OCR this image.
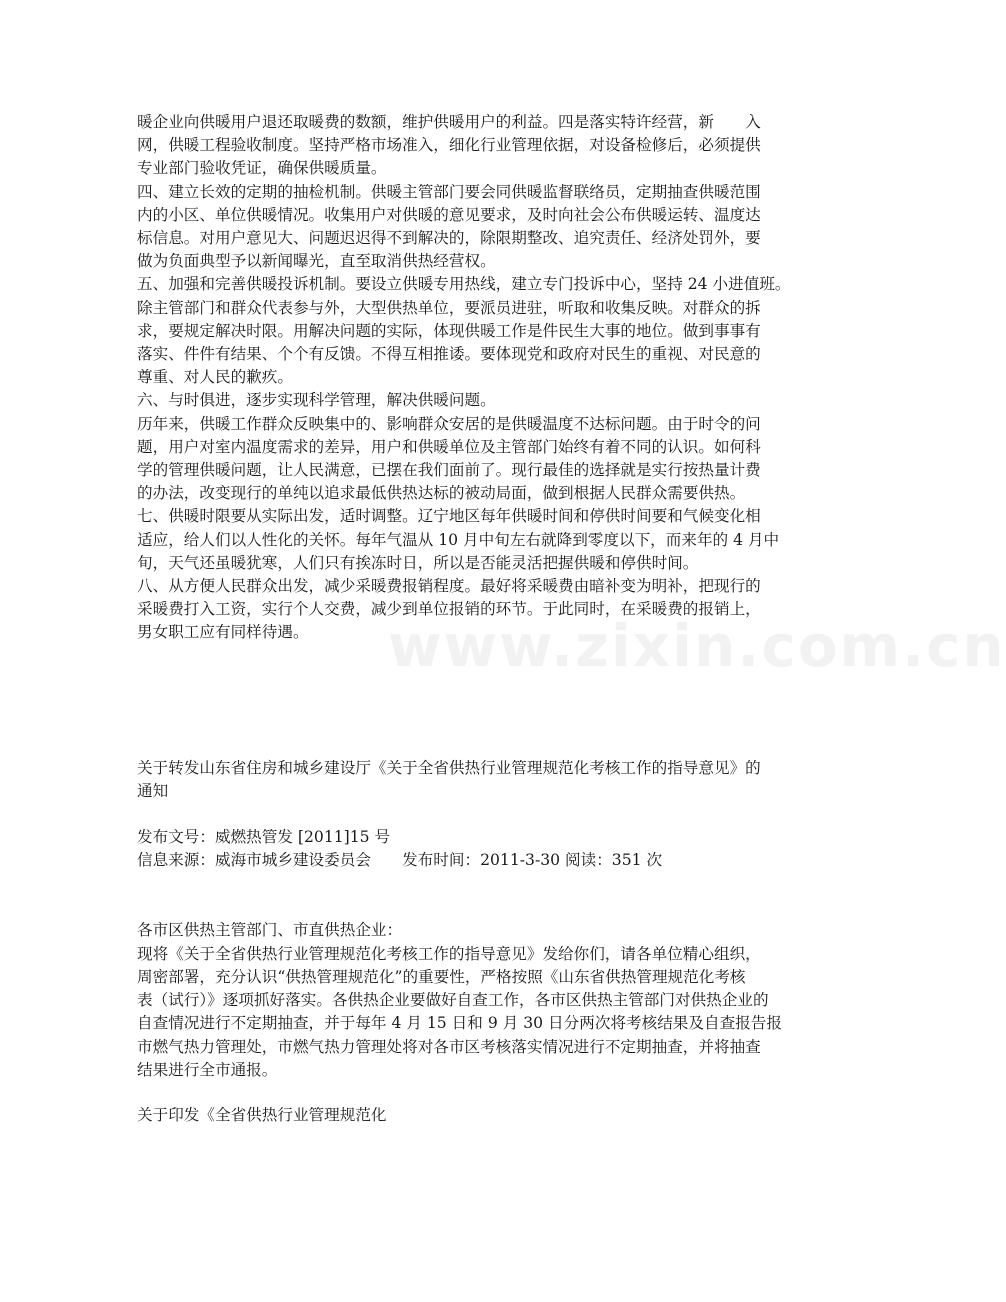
暖企业向供暖用户退还取暖费的数额，维护供暖用户的利益。四是落实特许经营，新　　入

网，供暖工程验收制度。坚持严格市场准入，细化行业管理依据，对设备检修后，必须提供

专业部门验收凭证，确保供暖质量。

四、建立长效的定期的抽检机制。供暖主管部门要会同供暖监督联络员，定期抽查供暖范围

内的小区、单位供暖情况。收集用户对供暖的意见要求，及时向社会公布供暖运转、温度达

标信息。对用户意见大、问题迟迟得不到解决的，除限期整改、追究责任、经济处罚外，要

做为负面典型予以新闻曝光，直至取消供热经营权。

五、加强和完善供暖投诉机制。要设立供暖专用热线，建立专门投诉中心，坚持 24 小进值班。

除主管部门和群众代表参与外，大型供热单位，要派员进驻，听取和收集反映。对群众的拆

求，要规定解决时限。用解决问题的实际，体现供暖工作是件民生大事的地位。做到事事有

落实、件件有结果、个个有反馈。不得互相推诿。要体现党和政府对民生的重视、对民意的

尊重、对人民的歉疚。

六、与时俱进，逐步实现科学管理，解决供暖问题。

历年来，供暖工作群众反映集中的、影响群众安居的是供暖温度不达标问题。由于时令的问

题，用户对室内温度需求的差异，用户和供暖单位及主管部门始终有着不同的认识。如何科

学的管理供暖问题，让人民满意，已摆在我们面前了。现行最佳的选择就是实行按热量计费

的办法，改变现行的单纯以追求最低供热达标的被动局面，做到根据人民群众需要供热。

七、供暖时限要从实际出发，适时调整。辽宁地区每年供暖时间和停供时间要和气候变化相

适应，给人们以人性化的关怀。每年气温从 10 月中旬左右就降到零度以下，而来年的 4 月中

旬，天气还虽暖犹寒，人们只有挨冻时日，所以是否能灵活把握供暖和停供时间。

八、从方便人民群众出发，减少采暖费报销程度。最好将采暖费由暗补变为明补，把现行的

采暖费打入工资，实行个人交费，减少到单位报销的环节。于此同时，在采暖费的报销上，

男女职工应有同样待遇。

关于转发山东省住房和城乡建设厅《关于全省供热行业管理规范化考核工作的指导意见》的

通知

发布文号：威燃热管发 [2011]15 号

信息来源：威海市城乡建设委员会　　发布时间：2011-3-30 阅读：351 次

各市区供热主管部门、市直供热企业：

现将《关于全省供热行业管理规范化考核工作的指导意见》发给你们，请各单位精心组织，

周密部署，充分认识“供热管理规范化”的重要性，严格按照《山东省供热管理规范化考核

表（试行）》逐项抓好落实。各供热企业要做好自查工作，各市区供热主管部门对供热企业的

自查情况进行不定期抽查，并于每年 4 月 15 日和 9 月 30 日分两次将考核结果及自查报告报

市燃气热力管理处，市燃气热力管理处将对各市区考核落实情况进行不定期抽查，并将抽查

结果进行全市通报。

关于印发《全省供热行业管理规范化

www.zixin.com.cn
